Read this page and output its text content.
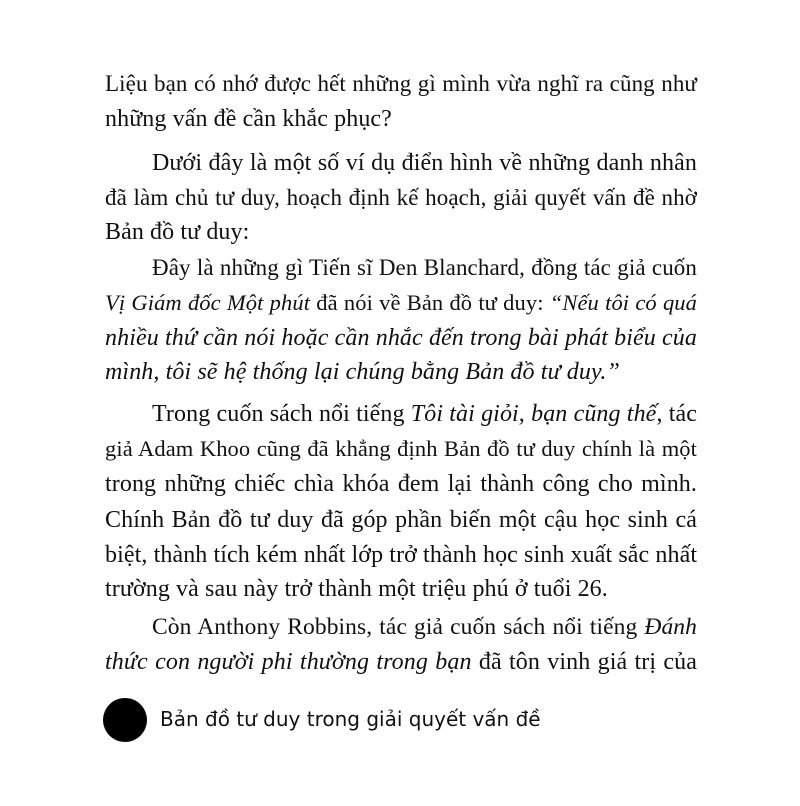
Liệu bạn có nhớ được hết những gì mình vừa nghĩ ra cũng như
những vấn đề cần khắc phục?
Dưới đây là một số ví dụ điển hình về những danh nhân
đã làm chủ tư duy, hoạch định kế hoạch, giải quyết vấn đề nhờ
Bản đồ tư duy:
Đây là những gì Tiến sĩ Den Blanchard, đồng tác giả cuốn
Vị Giám đốc Một phút đã nói về Bản đồ tư duy: “Nếu tôi có quá
nhiều thứ cần nói hoặc cần nhắc đến trong bài phát biểu của
mình, tôi sẽ hệ thống lại chúng bằng Bản đồ tư duy.”
Trong cuốn sách nổi tiếng Tôi tài giỏi, bạn cũng thế, tác
giả Adam Khoo cũng đã khẳng định Bản đồ tư duy chính là một
trong những chiếc chìa khóa đem lại thành công cho mình.
Chính Bản đồ tư duy đã góp phần biến một cậu học sinh cá
biệt, thành tích kém nhất lớp trở thành học sinh xuất sắc nhất
trường và sau này trở thành một triệu phú ở tuổi 26.
Còn Anthony Robbins, tác giả cuốn sách nổi tiếng Đánh
thức con người phi thường trong bạn đã tôn vinh giá trị của
Bản đồ tư duy trong giải quyết vấn đề
